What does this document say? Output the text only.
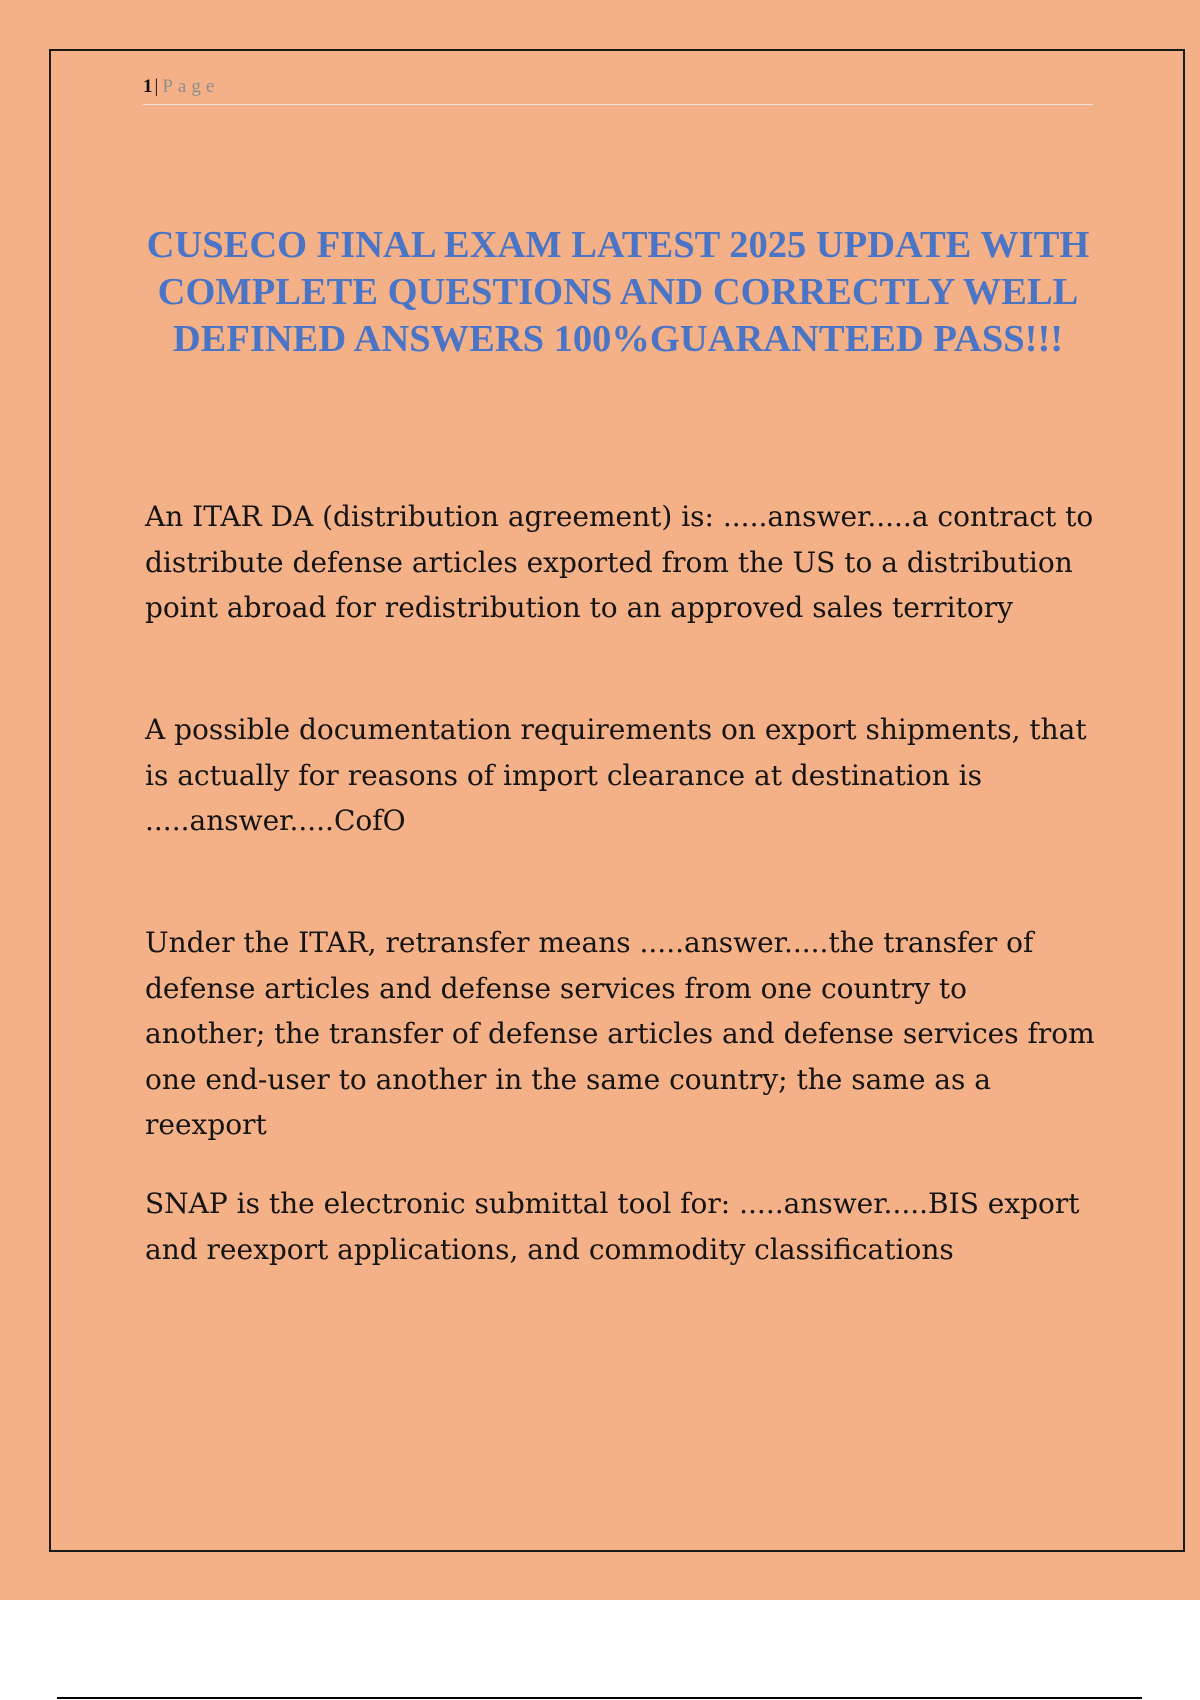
1 | Page
CUSECO FINAL EXAM LATEST 2025 UPDATE WITH COMPLETE QUESTIONS AND CORRECTLY WELL DEFINED ANSWERS 100%GUARANTEED PASS!!!

An ITAR DA (distribution agreement) is: .....answer.....a contract to distribute defense articles exported from the US to a distribution point abroad for redistribution to an approved sales territory

A possible documentation requirements on export shipments, that is actually for reasons of import clearance at destination is .....answer.....CofO

Under the ITAR, retransfer means .....answer.....the transfer of defense articles and defense services from one country to another; the transfer of defense articles and defense services from one end-user to another in the same country; the same as a reexport

SNAP is the electronic submittal tool for: .....answer.....BIS export and reexport applications, and commodity classifications
